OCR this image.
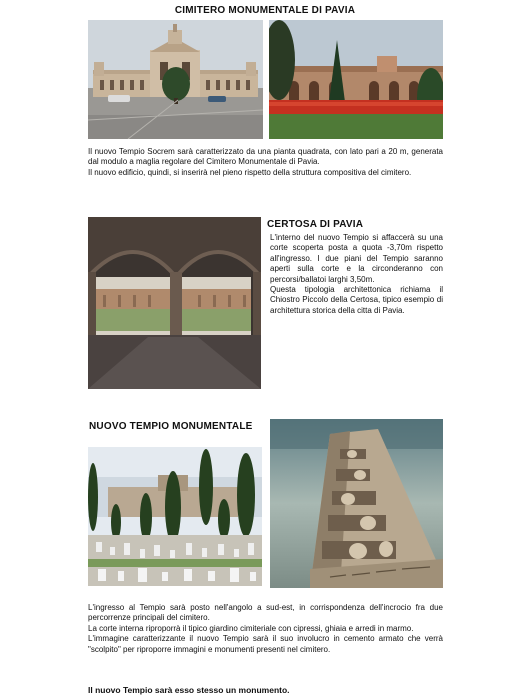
CIMITERO MONUMENTALE DI PAVIA

Il nuovo Tempio Socrem sarà caratterizzato da una pianta quadrata, con lato pari a 20 m, generata dal modulo a maglia regolare del Cimitero Monumentale di Pavia.

Il nuovo edificio, quindi, si inserirà nel pieno rispetto della struttura compositiva del cimitero.

CERTOSA DI PAVIA

L'interno del nuovo Tempio si affaccerà su una corte scoperta posta a quota -3,70m rispetto all'ingresso. I due piani del Tempio saranno aperti sulla corte e la circonderanno con percorsi/ballatoi larghi 3,50m.

Questa tipologia architettonica richiama il Chiostro Piccolo della Certosa, tipico esempio di architettura storica della citta di Pavia.

NUOVO TEMPIO MONUMENTALE

L'ingresso al Tempio sarà posto nell'angolo a sud-est, in corrispondenza dell'incrocio fra due percorrenze principali del cimitero.

La corte interna riproporrà il tipico giardino cimiteriale con cipressi, ghiaia e arredi in marmo.

L'immagine caratterizzante il nuovo Tempio sarà il suo involucro in cemento armato che verrà "scolpito" per riproporre immagini e monumenti presenti nel cimitero.

Il nuovo Tempio sarà esso stesso un monumento.
